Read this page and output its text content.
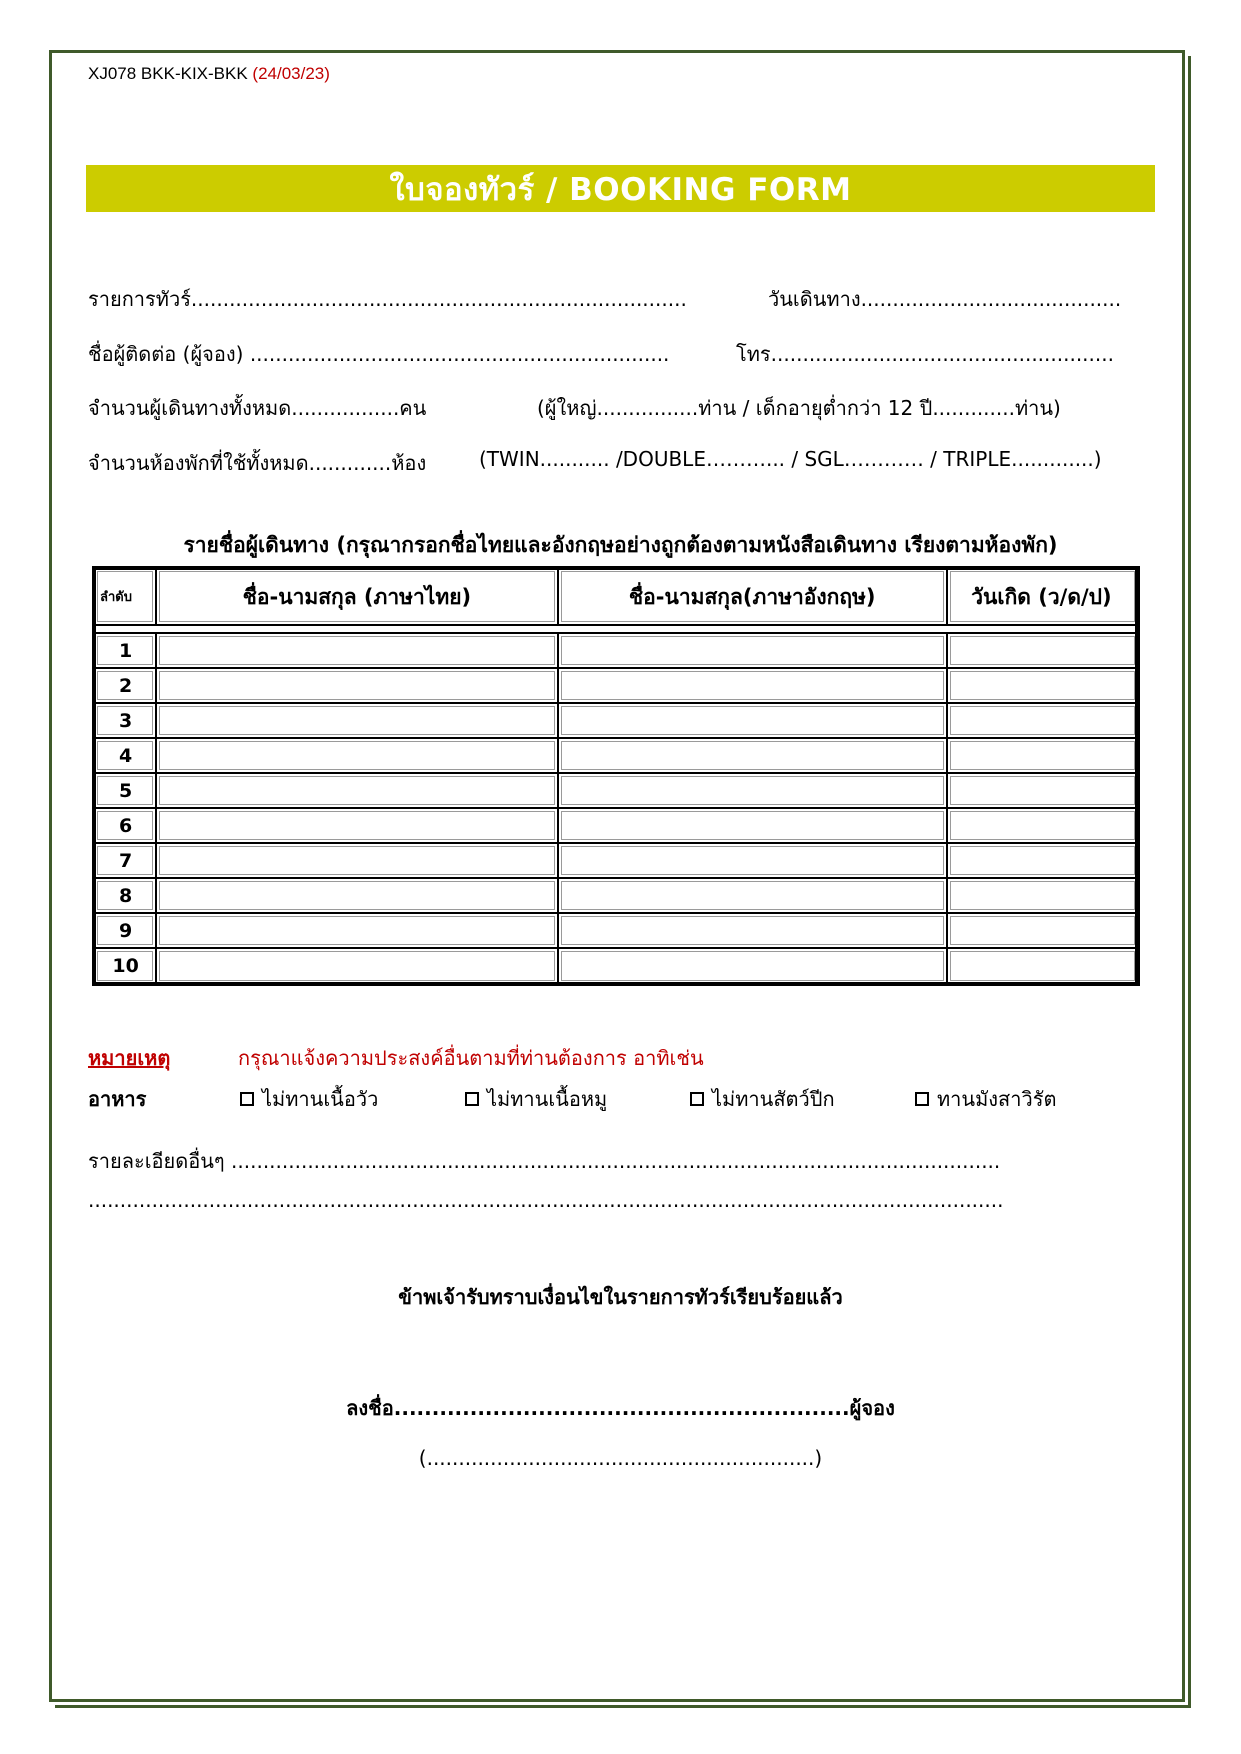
XJ078 BKK-KIX-BKK (24/03/23)
ใบจองทัวร์ / BOOKING FORM
รายการทัวร์..............................................................................	วันเดินทาง.........................................
ชื่อผู้ติดต่อ (ผู้จอง) ..................................................................	โทร......................................................
จำนวนผู้เดินทางทั้งหมด.................คน	(ผู้ใหญ่................ท่าน / เด็กอายุต่ำกว่า 12 ปี.............ท่าน)
จำนวนห้องพักที่ใช้ทั้งหมด.............ห้อง	(TWIN........... /DOUBLE………... / SGL………… / TRIPLE.............)
รายชื่อผู้เดินทาง (กรุณากรอกชื่อไทยและอังกฤษอย่างถูกต้องตามหนังสือเดินทาง เรียงตามห้องพัก)
ลำดับ	ชื่อ-นามสกุล (ภาษาไทย)	ชื่อ-นามสกุล(ภาษาอังกฤษ)	วันเกิด (ว/ด/ป)

1			
2			
3			
4			
5			
6			
7			
8			
9			
10			
หมายเหตุ	กรุณาแจ้งความประสงค์อื่นตามที่ท่านต้องการ อาทิเช่น
อาหาร	ไม่ทานเนื้อวัว	ไม่ทานเนื้อหมู	ไม่ทานสัตว์ปีก	ทานมังสาวิรัต
รายละเอียดอื่นๆ .........................................................................................................................
................................................................................................................................................
ข้าพเจ้ารับทราบเงื่อนไขในรายการทัวร์เรียบร้อยแล้ว
ลงชื่อ............................................................ผู้จอง
(.............................................................)
